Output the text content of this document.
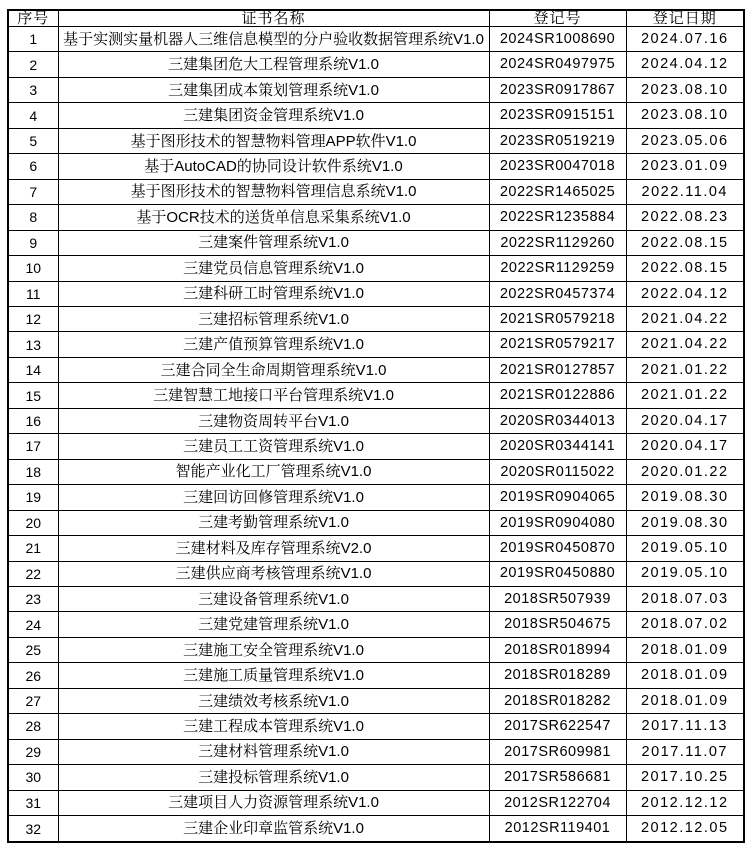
序号	证书名称	登记号	登记日期
1	基于实测实量机器人三维信息模型的分户验收数据管理系统V1.0	2024SR1008690	2024.07.16
2	三建集团危大工程管理系统V1.0	2024SR0497975	2024.04.12
3	三建集团成本策划管理系统V1.0	2023SR0917867	2023.08.10
4	三建集团资金管理系统V1.0	2023SR0915151	2023.08.10
5	基于图形技术的智慧物料管理APP软件V1.0	2023SR0519219	2023.05.06
6	基于AutoCAD的协同设计软件系统V1.0	2023SR0047018	2023.01.09
7	基于图形技术的智慧物料管理信息系统V1.0	2022SR1465025	2022.11.04
8	基于OCR技术的送货单信息采集系统V1.0	2022SR1235884	2022.08.23
9	三建案件管理系统V1.0	2022SR1129260	2022.08.15
10	三建党员信息管理系统V1.0	2022SR1129259	2022.08.15
11	三建科研工时管理系统V1.0	2022SR0457374	2022.04.12
12	三建招标管理系统V1.0	2021SR0579218	2021.04.22
13	三建产值预算管理系统V1.0	2021SR0579217	2021.04.22
14	三建合同全生命周期管理系统V1.0	2021SR0127857	2021.01.22
15	三建智慧工地接口平台管理系统V1.0	2021SR0122886	2021.01.22
16	三建物资周转平台V1.0	2020SR0344013	2020.04.17
17	三建员工工资管理系统V1.0	2020SR0344141	2020.04.17
18	智能产业化工厂管理系统V1.0	2020SR0115022	2020.01.22
19	三建回访回修管理系统V1.0	2019SR0904065	2019.08.30
20	三建考勤管理系统V1.0	2019SR0904080	2019.08.30
21	三建材料及库存管理系统V2.0	2019SR0450870	2019.05.10
22	三建供应商考核管理系统V1.0	2019SR0450880	2019.05.10
23	三建设备管理系统V1.0	2018SR507939	2018.07.03
24	三建党建管理系统V1.0	2018SR504675	2018.07.02
25	三建施工安全管理系统V1.0	2018SR018994	2018.01.09
26	三建施工质量管理系统V1.0	2018SR018289	2018.01.09
27	三建绩效考核系统V1.0	2018SR018282	2018.01.09
28	三建工程成本管理系统V1.0	2017SR622547	2017.11.13
29	三建材料管理系统V1.0	2017SR609981	2017.11.07
30	三建投标管理系统V1.0	2017SR586681	2017.10.25
31	三建项目人力资源管理系统V1.0	2012SR122704	2012.12.12
32	三建企业印章监管系统V1.0	2012SR119401	2012.12.05
